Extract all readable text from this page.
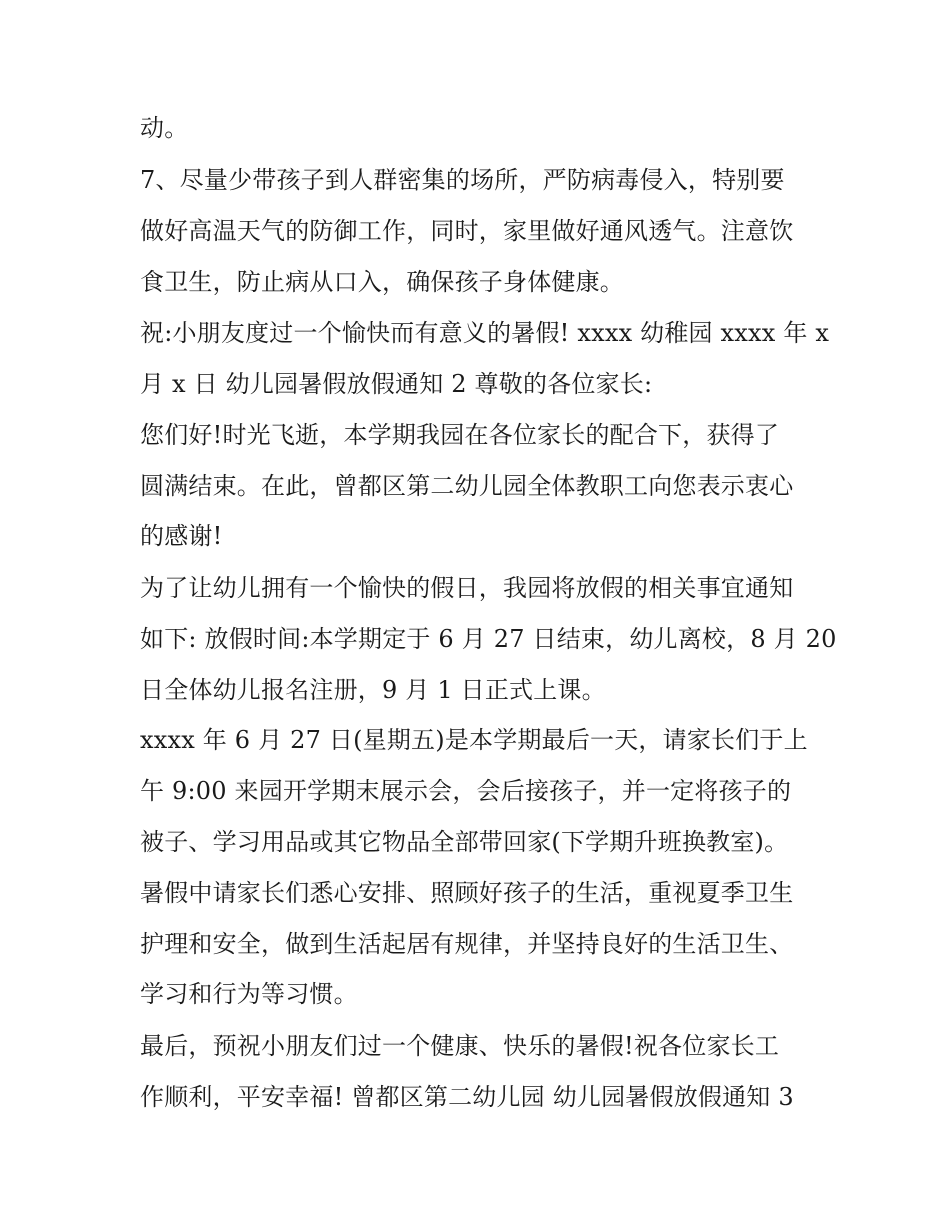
动。
7、尽量少带孩子到人群密集的场所，严防病毒侵入，特别要
做好高温天气的防御工作，同时，家里做好通风透气。注意饮
食卫生，防止病从口入，确保孩子身体健康。
祝:小朋友度过一个愉快而有意义的暑假! xxxx 幼稚园 xxxx 年 x
月 x 日 幼儿园暑假放假通知 2 尊敬的各位家长:
您们好!时光飞逝，本学期我园在各位家长的配合下，获得了
圆满结束。在此，曾都区第二幼儿园全体教职工向您表示衷心
的感谢!
为了让幼儿拥有一个愉快的假日，我园将放假的相关事宜通知
如下: 放假时间:本学期定于 6 月 27 日结束，幼儿离校，8 月 20
日全体幼儿报名注册，9 月 1 日正式上课。
xxxx 年 6 月 27 日(星期五)是本学期最后一天，请家长们于上
午 9:00 来园开学期末展示会，会后接孩子，并一定将孩子的
被子、学习用品或其它物品全部带回家(下学期升班换教室)。
暑假中请家长们悉心安排、照顾好孩子的生活，重视夏季卫生
护理和安全，做到生活起居有规律，并坚持良好的生活卫生、
学习和行为等习惯。
最后，预祝小朋友们过一个健康、快乐的暑假!祝各位家长工
作顺利，平安幸福! 曾都区第二幼儿园 幼儿园暑假放假通知 3
